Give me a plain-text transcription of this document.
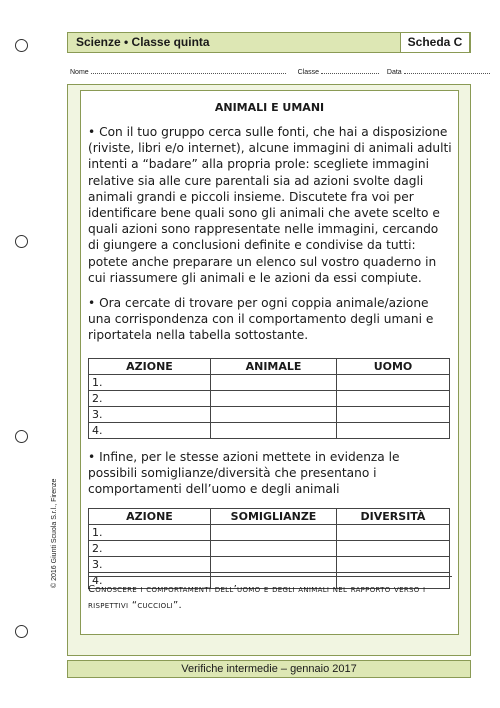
Scienze • Classe quinta	Scheda C
Nome	Classe	Data
ANIMALI E UMANI
• Con il tuo gruppo cerca sulle fonti, che hai a disposizione (riviste, libri e/o internet), alcune immagini di animali adulti intenti a “badare” alla propria prole: scegliete immagini relative sia alle cure parentali sia ad azioni svolte dagli animali grandi e piccoli insieme. Discutete fra voi per identificare bene quali sono gli animali che avete scelto e quali azioni sono rappresentate nelle immagini, cercando di giungere a conclusioni definite e condivise da tutti: potete anche preparare un elenco sul vostro quaderno in cui riassumere gli animali e le azioni da essi compiute.
• Ora cercate di trovare per ogni coppia animale/azione una corrispondenza con il comportamento degli umani e riportatela nella tabella sottostante.
AZIONE	ANIMALE	UOMO
1.		
2.		
3.		
4.		
• Infine, per le stesse azioni mettete in evidenza le possibili somiglianze/diversità che presentano i comportamenti dell’uomo e degli animali
AZIONE	SOMIGLIANZE	DIVERSITÀ
1.		
2.		
3.		
4.		
Conoscere i comportamenti dell’uomo e degli animali nel rapporto verso i rispettivi “cuccioli”.
© 2016 Giunti Scuola S.r.l., Firenze
Verifiche intermedie – gennaio 2017
